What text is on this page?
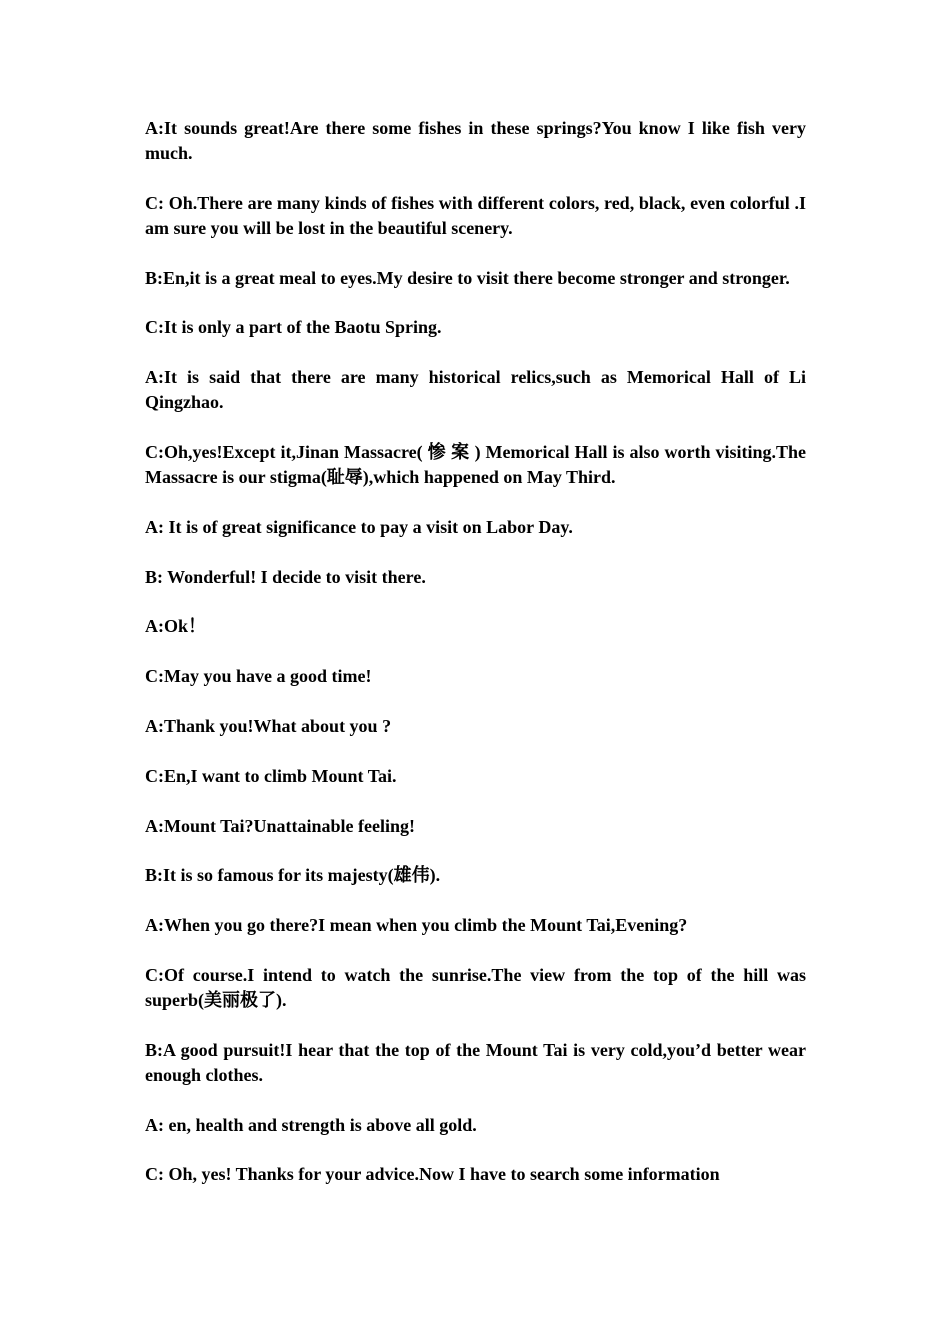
A:It sounds great!Are there some fishes in these springs?You know I like fish very much.

C: Oh.There are many kinds of fishes with different colors, red, black, even colorful .I am sure you will be lost in the beautiful scenery.

B:En,it is a great meal to eyes.My desire to visit there become stronger and stronger.

C:It is only a part of the Baotu Spring.

A:It is said that there are many historical relics,such as Memorical Hall of Li Qingzhao.

C:Oh,yes!Except it,Jinan Massacre( 惨 案 ) Memorical Hall is also worth visiting.The Massacre is our stigma(耻辱),which happened on May Third.

A: It is of great significance to pay a visit on Labor Day.

B: Wonderful! I decide to visit there.

A:Ok！

C:May you have a good time!

A:Thank you!What about you ?

C:En,I want to climb Mount Tai.

A:Mount Tai?Unattainable feeling!

B:It is so famous for its majesty(雄伟).

A:When you go there?I mean when you climb the Mount Tai,Evening?

C:Of course.I intend to watch the sunrise.The view from the top of the hill was superb(美丽极了).

B:A good pursuit!I hear that the top of the Mount Tai is very cold,you’d better wear enough clothes.

A: en, health and strength is above all gold.

C: Oh, yes! Thanks for your advice.Now I have to search some information
